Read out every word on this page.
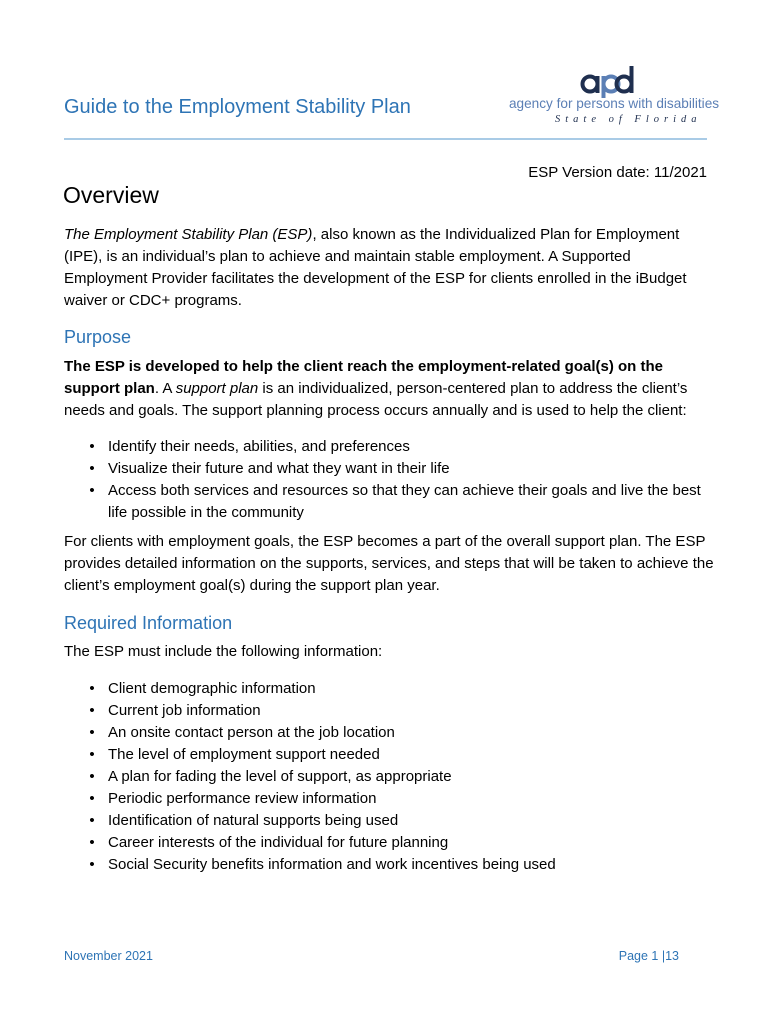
Guide to the Employment Stability Plan	agency for persons with disabilities
State of Florida
ESP Version date: 11/2021
Overview

The Employment Stability Plan (ESP), also known as the Individualized Plan for Employment (IPE), is an individual’s plan to achieve and maintain stable employment. A Supported Employment Provider facilitates the development of the ESP for clients enrolled in the iBudget waiver or CDC+ programs.

Purpose

The ESP is developed to help the client reach the employment-related goal(s) on the support plan. A support plan is an individualized, person-centered plan to address the client’s needs and goals. The support planning process occurs annually and is used to help the client:

• Identify their needs, abilities, and preferences
• Visualize their future and what they want in their life
• Access both services and resources so that they can achieve their goals and live the best life possible in the community

For clients with employment goals, the ESP becomes a part of the overall support plan. The ESP provides detailed information on the supports, services, and steps that will be taken to achieve the client’s employment goal(s) during the support plan year.

Required Information

The ESP must include the following information:

• Client demographic information
• Current job information
• An onsite contact person at the job location
• The level of employment support needed
• A plan for fading the level of support, as appropriate
• Periodic performance review information
• Identification of natural supports being used
• Career interests of the individual for future planning
• Social Security benefits information and work incentives being used
November 2021	Page 1 |13
